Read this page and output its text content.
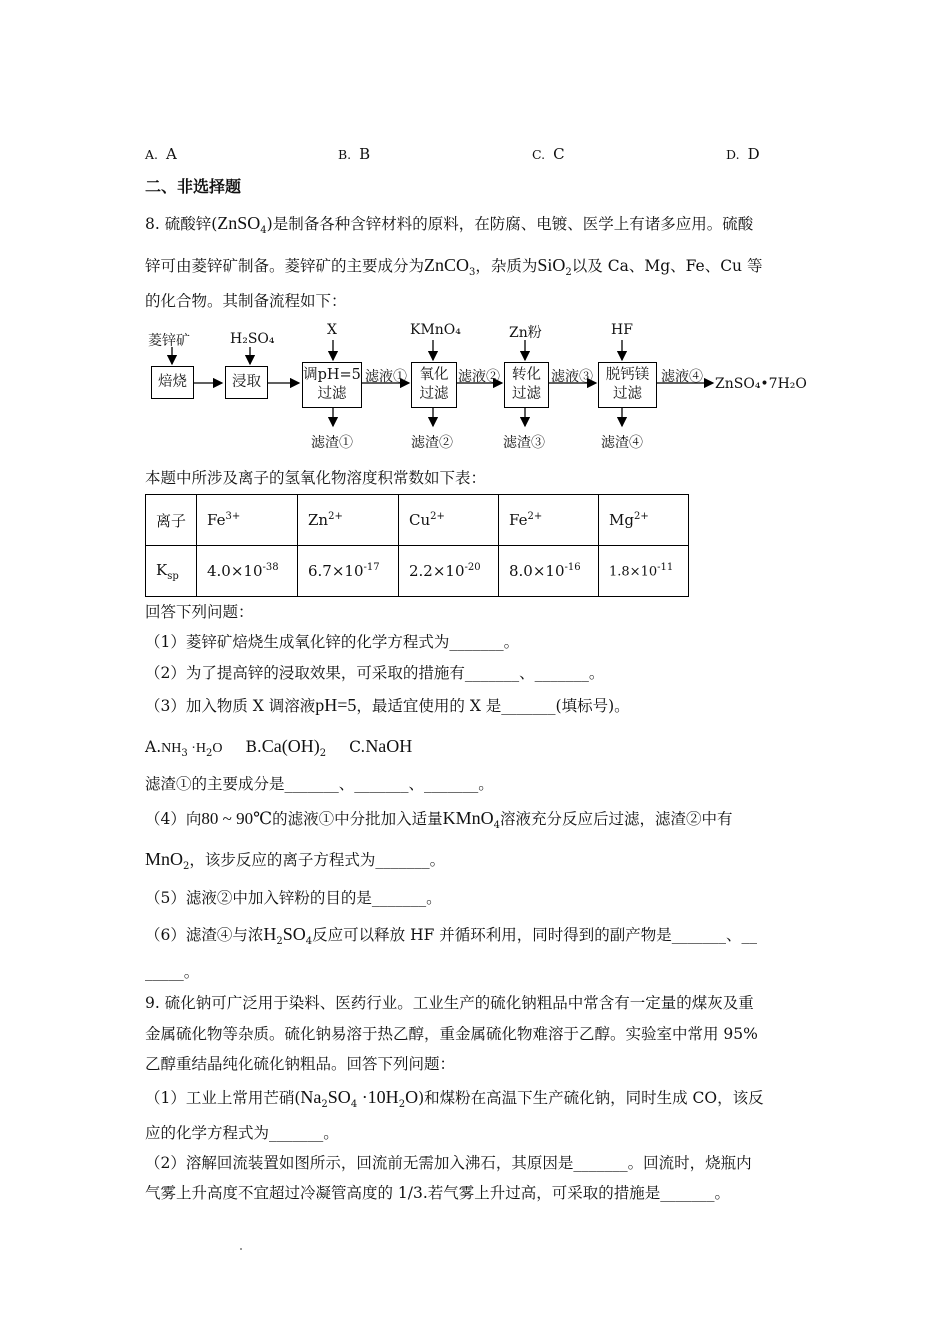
A. A	B. B	C. C	D. D
二、非选择题
8. 硫酸锌(ZnSO$_4$)是制备各种含锌材料的原料，在防腐、电镀、医学上有诸多应用。硫酸
锌可由菱锌矿制备。菱锌矿的主要成分为ZnCO$_3$，杂质为SiO$_2$以及 Ca、Mg、Fe、Cu 等
的化合物。其制备流程如下：
菱锌矿	H₂SO₄
X	KMnO₄	Zn粉	HF
焙烧	浸取	调pH=5
过滤
氧化
过滤
转化
过滤
脱钙镁
过滤
滤液①	滤液②	滤液③	滤液④ ZnSO₄•7H₂O
滤渣①	滤渣②	滤渣③	滤渣④
本题中所涉及离子的氢氧化物溶度积常数如下表：
离子	$Fe^{3+}$	$Zn^{2+}$	$Cu^{2+}$	$Fe^{2+}$	$Mg^{2+}$
$K_{sp}$	$4.0\times 10^{-38}$	$6.7\times 10^{-17}$	$2.2\times 10^{-20}$	$8.0\times 10^{-16}$	$1.8\times 10^{-11}$
回答下列问题：
（1）菱锌矿焙烧生成氧化锌的化学方程式为_______。
（2）为了提高锌的浸取效果，可采取的措施有_______、_______。
（3）加入物质 X 调溶液pH=5，最适宜使用的 X 是_______(填标号)。
$A.NH_3 \cdot H_2O$ $B.Ca(OH)_2$ C.NaOH
滤渣①的主要成分是_______、_______、_______。
（4）向80 ~ 90℃的滤液①中分批加入适量KMnO$_4$溶液充分反应后过滤，滤渣②中有
MnO$_2$，该步反应的离子方程式为_______。
（5）滤液②中加入锌粉的目的是_______。
（6）滤渣④与浓$H_2SO_4$反应可以释放 HF 并循环利用，同时得到的副产物是_______、__
_____。
9. 硫化钠可广泛用于染料、医药行业。工业生产的硫化钠粗品中常含有一定量的煤灰及重
金属硫化物等杂质。硫化钠易溶于热乙醇，重金属硫化物难溶于乙醇。实验室中常用 95%
乙醇重结晶纯化硫化钠粗品。回答下列问题：
（1）工业上常用芒硝$(Na_2SO_4 \cdot 10H_2O)$和煤粉在高温下生产硫化钠，同时生成 CO，该反
应的化学方程式为_______。
（2）溶解回流装置如图所示，回流前无需加入沸石，其原因是_______。回流时，烧瓶内
气雾上升高度不宜超过冷凝管高度的 1/3.若气雾上升过高，可采取的措施是_______。
